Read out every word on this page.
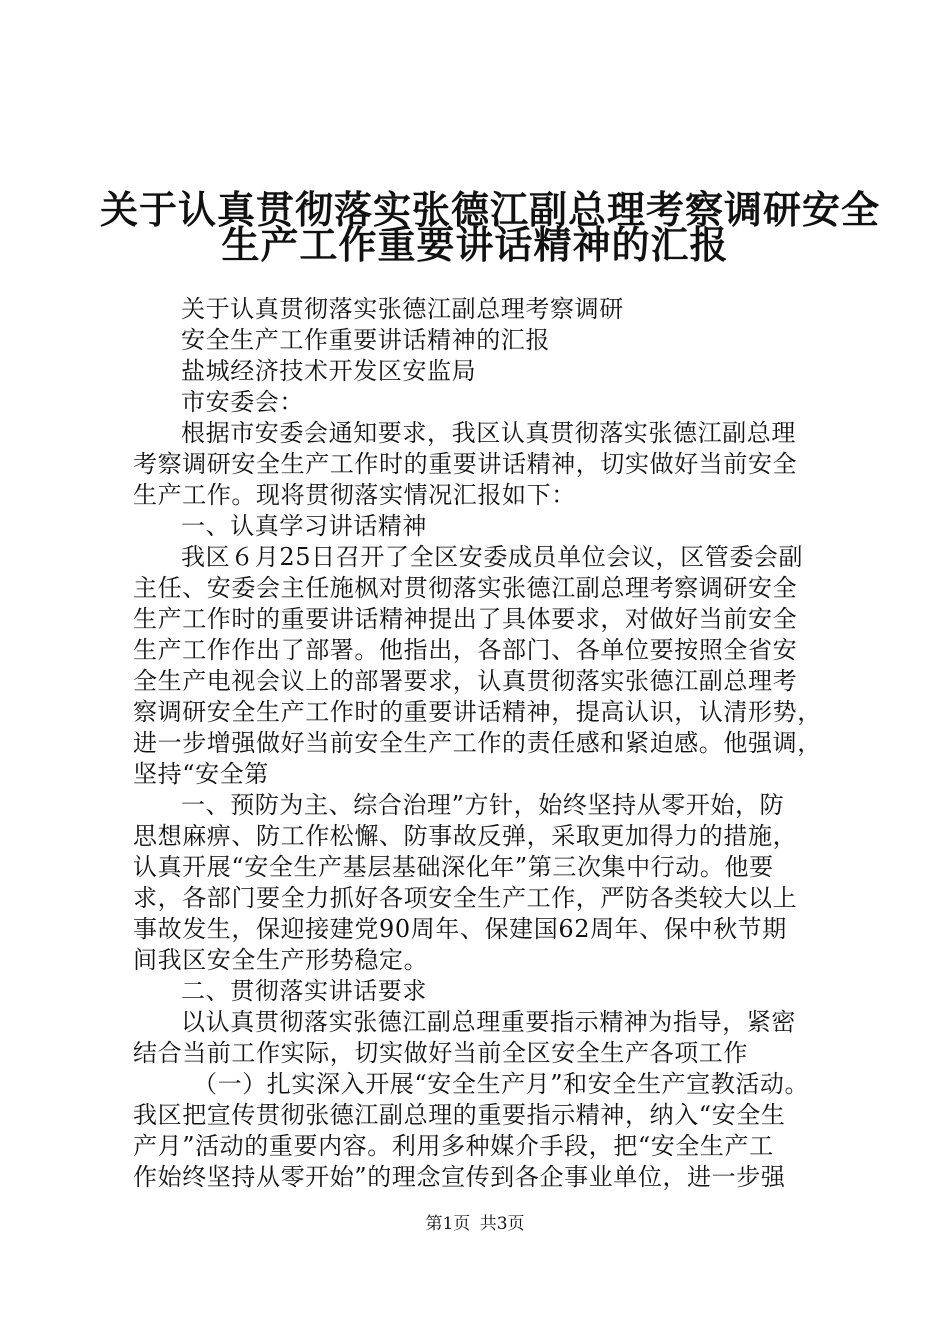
关于认真贯彻落实张德江副总理考察调研安全
生产工作重要讲话精神的汇报
关于认真贯彻落实张德江副总理考察调研
安全生产工作重要讲话精神的汇报
盐城经济技术开发区安监局
市安委会：
根据市安委会通知要求，我区认真贯彻落实张德江副总理
考察调研安全生产工作时的重要讲话精神，切实做好当前安全
生产工作。现将贯彻落实情况汇报如下：
一、认真学习讲话精神
我区６月25日召开了全区安委成员单位会议，区管委会副
主任、安委会主任施枫对贯彻落实张德江副总理考察调研安全
生产工作时的重要讲话精神提出了具体要求，对做好当前安全
生产工作作出了部署。他指出，各部门、各单位要按照全省安
全生产电视会议上的部署要求，认真贯彻落实张德江副总理考
察调研安全生产工作时的重要讲话精神，提高认识，认清形势，
进一步增强做好当前安全生产工作的责任感和紧迫感。他强调，
坚持“安全第
一、预防为主、综合治理”方针，始终坚持从零开始，防
思想麻痹、防工作松懈、防事故反弹，采取更加得力的措施，
认真开展“安全生产基层基础深化年”第三次集中行动。他要
求，各部门要全力抓好各项安全生产工作，严防各类较大以上
事故发生，保迎接建党90周年、保建国62周年、保中秋节期
间我区安全生产形势稳定。
二、贯彻落实讲话要求
以认真贯彻落实张德江副总理重要指示精神为指导，紧密
结合当前工作实际，切实做好当前全区安全生产各项工作
（一）扎实深入开展“安全生产月”和安全生产宣教活动。
我区把宣传贯彻张德江副总理的重要指示精神，纳入“安全生
产月”活动的重要内容。利用多种媒介手段，把“安全生产工
作始终坚持从零开始”的理念宣传到各企事业单位，进一步强
第1页 共3页
